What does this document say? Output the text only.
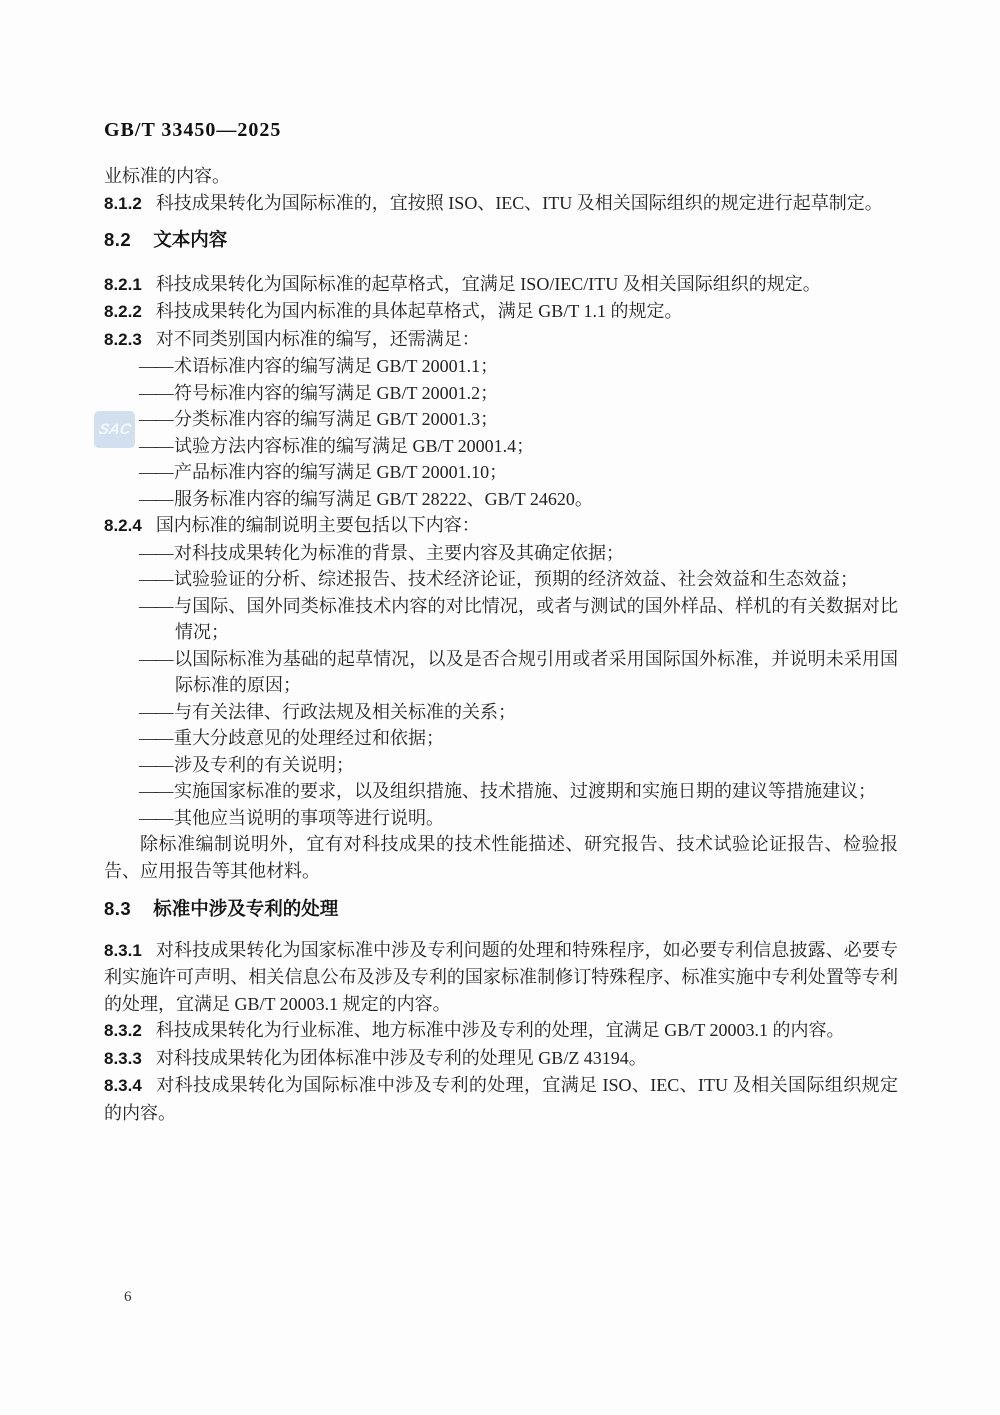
GB/T 33450—2025
SAC

业标准的内容。

8.1.2 科技成果转化为国际标准的，宜按照 ISO、IEC、ITU 及相关国际组织的规定进行起草制定。

8.2 文本内容

8.2.1 科技成果转化为国际标准的起草格式，宜满足 ISO/IEC/ITU 及相关国际组织的规定。

8.2.2 科技成果转化为国内标准的具体起草格式，满足 GB/T 1.1 的规定。

8.2.3 对不同类别国内标准的编写，还需满足：

—— 术语标准内容的编写满足 GB/T 20001.1；

—— 符号标准内容的编写满足 GB/T 20001.2；

—— 分类标准内容的编写满足 GB/T 20001.3；

—— 试验方法内容标准的编写满足 GB/T 20001.4；

—— 产品标准内容的编写满足 GB/T 20001.10；

—— 服务标准内容的编写满足 GB/T 28222、GB/T 24620。

8.2.4 国内标准的编制说明主要包括以下内容：

—— 对科技成果转化为标准的背景、主要内容及其确定依据；

—— 试验验证的分析、综述报告、技术经济论证，预期的经济效益、社会效益和生态效益；

—— 与国际、国外同类标准技术内容的对比情况，或者与测试的国外样品、样机的有关数据对比情况；

—— 以国际标准为基础的起草情况，以及是否合规引用或者采用国际国外标准，并说明未采用国际标准的原因；

—— 与有关法律、行政法规及相关标准的关系；

—— 重大分歧意见的处理经过和依据；

—— 涉及专利的有关说明；

—— 实施国家标准的要求，以及组织措施、技术措施、过渡期和实施日期的建议等措施建议；

—— 其他应当说明的事项等进行说明。

除标准编制说明外，宜有对科技成果的技术性能描述、研究报告、技术试验论证报告、检验报告、应用报告等其他材料。

8.3 标准中涉及专利的处理

8.3.1 对科技成果转化为国家标准中涉及专利问题的处理和特殊程序，如必要专利信息披露、必要专利实施许可声明、相关信息公布及涉及专利的国家标准制修订特殊程序、标准实施中专利处置等专利的处理，宜满足 GB/T 20003.1 规定的内容。

8.3.2 科技成果转化为行业标准、地方标准中涉及专利的处理，宜满足 GB/T 20003.1 的内容。

8.3.3 对科技成果转化为团体标准中涉及专利的处理见 GB/Z 43194。

8.3.4 对科技成果转化为国际标准中涉及专利的处理，宜满足 ISO、IEC、ITU 及相关国际组织规定的内容。

6
